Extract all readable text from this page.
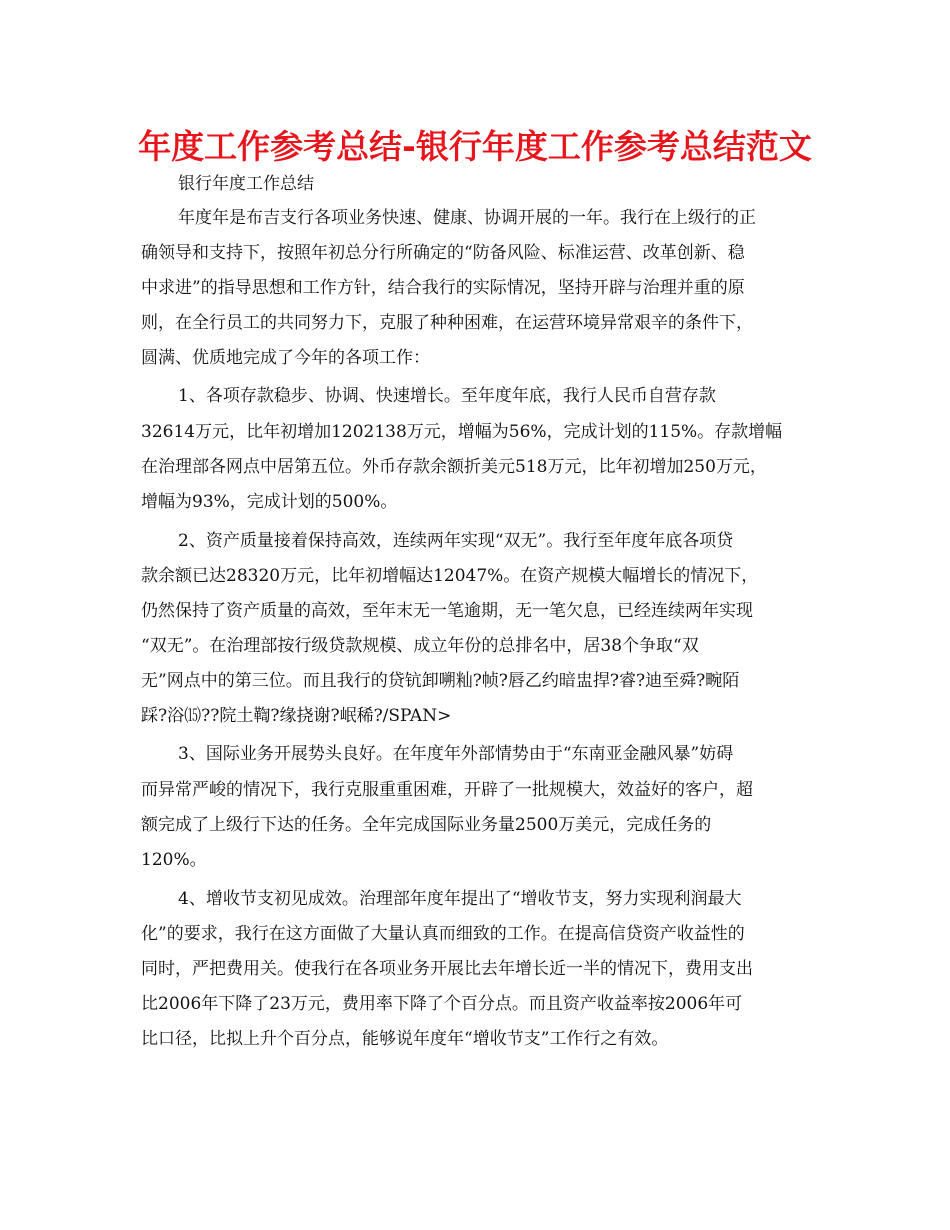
年度工作参考总结-银行年度工作参考总结范文
银行年度工作总结
年度年是布吉支行各项业务快速、健康、协调开展的一年。我行在上级行的正
确领导和支持下，按照年初总分行所确定的“防备风险、标准运营、改革创新、稳
中求进”的指导思想和工作方针，结合我行的实际情况，坚持开辟与治理并重的原
则，在全行员工的共同努力下，克服了种种困难，在运营环境异常艰辛的条件下，
圆满、优质地完成了今年的各项工作：
1、各项存款稳步、协调、快速增长。至年度年底，我行人民币自营存款
32614万元，比年初增加1202138万元，增幅为56%，完成计划的115%。存款增幅
在治理部各网点中居第五位。外币存款余额折美元518万元，比年初增加250万元，
增幅为93%，完成计划的500%。
2、资产质量接着保持高效，连续两年实现“双无”。我行至年度年底各项贷
款余额已达28320万元，比年初增幅达12047%。在资产规模大幅增长的情况下，
仍然保持了资产质量的高效，至年末无一笔逾期，无一笔欠息，已经连续两年实现
“双无”。在治理部按行级贷款规模、成立年份的总排名中，居38个争取“双
无”网点中的第三位。而且我行的贷钪卸嗍籼?帧?唇乙约暗盅捍?睿?迪至舜?畹陌
踩?浴⒂??院土鞫?缘挠谢?岷稀?/SPAN>
3、国际业务开展势头良好。在年度年外部情势由于“东南亚金融风暴”妨碍
而异常严峻的情况下，我行克服重重困难，开辟了一批规模大，效益好的客户，超
额完成了上级行下达的任务。全年完成国际业务量2500万美元，完成任务的
120%。
4、增收节支初见成效。治理部年度年提出了“增收节支，努力实现利润最大
化”的要求，我行在这方面做了大量认真而细致的工作。在提高信贷资产收益性的
同时，严把费用关。使我行在各项业务开展比去年增长近一半的情况下，费用支出
比2006年下降了23万元，费用率下降了个百分点。而且资产收益率按2006年可
比口径，比拟上升个百分点，能够说年度年“增收节支”工作行之有效。
